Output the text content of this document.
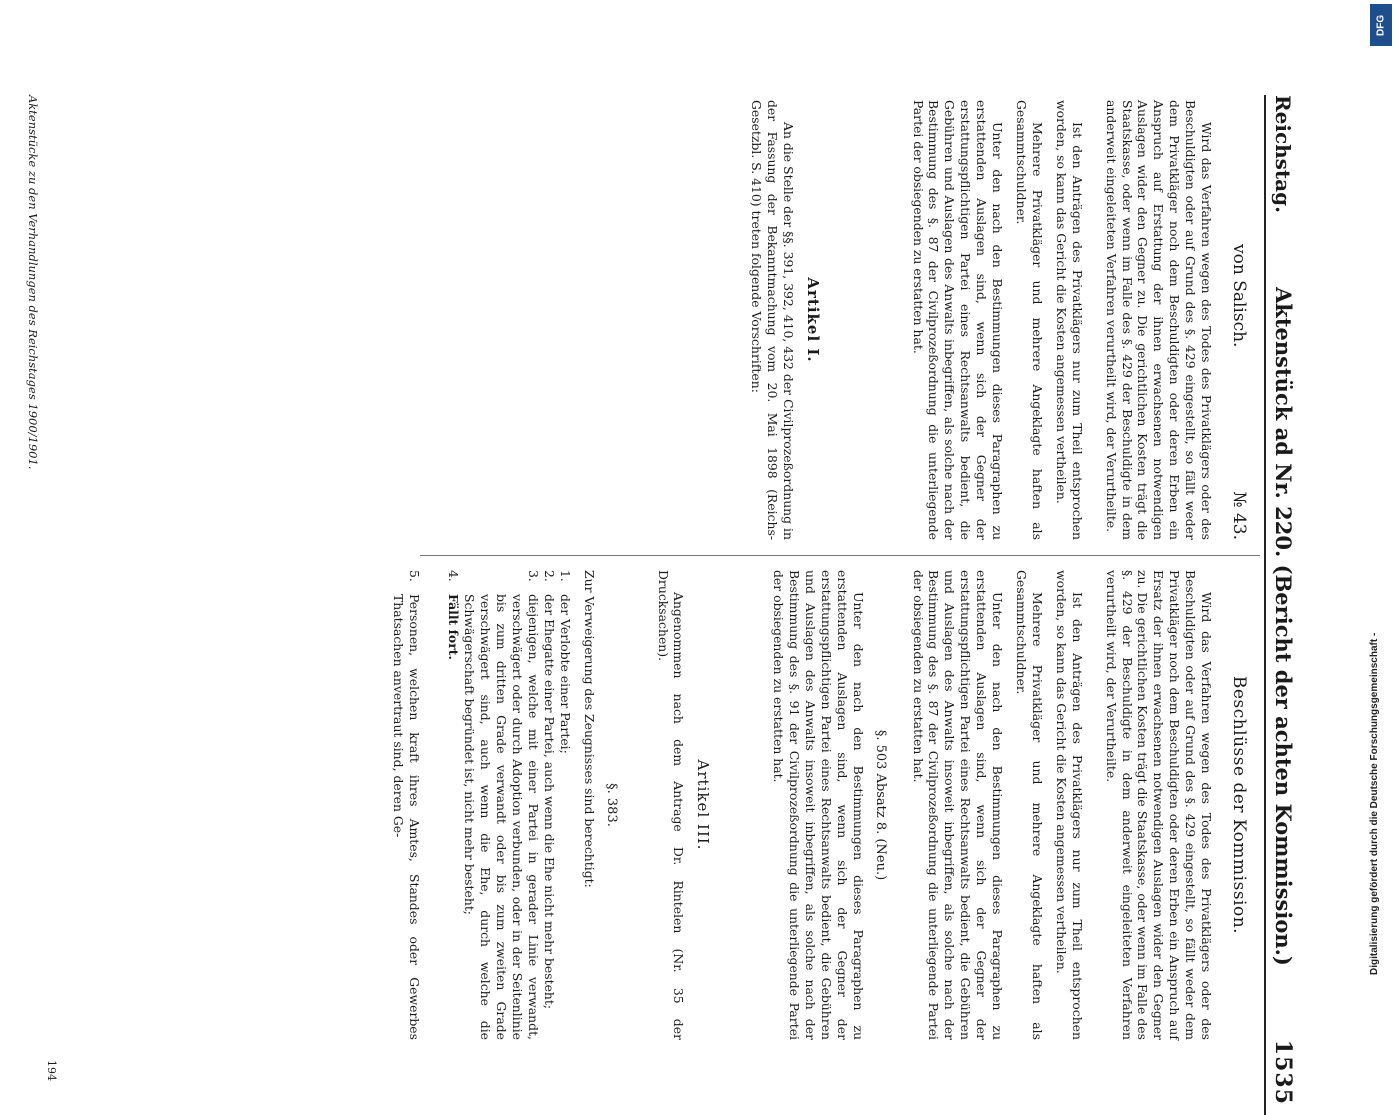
Reichstag.
Aktenstück ad Nr. 220. (Bericht der achten Kommission.)
1535
von Salisch.
№ 43.

Wird das Verfahren wegen des Todes des Privatklägers oder des Beschuldigten oder auf Grund des §. 429 eingestellt, so fällt weder dem Privatkläger noch dem Beschuldigten oder deren Erben ein Anspruch auf Erstattung der ihnen erwachsenen notwendigen Auslagen wider den Gegner zu. Die gerichtlichen Kosten trägt die Staatskasse, oder wenn im Falle des §. 429 der Beschuldigte in dem anderweit eingeleiteten Verfahren verurtheilt wird, der Verurtheilte.

Ist den Anträgen des Privatklägers nur zum Theil entsprochen worden, so kann das Gericht die Kosten angemessen vertheilen.

Mehrere Privatkläger und mehrere Angeklagte haften als Gesammtschuldner.

Unter den nach den Bestimmungen dieses Paragraphen zu erstattenden Auslagen sind, wenn sich der Gegner der erstattungspflichtigen Partei eines Rechtsanwalts bedient, die Gebühren und Auslagen des Anwalts inbegriffen, als solche nach der Bestimmung des §. 87 der Civilprozeßordnung die unterliegende Partei der obsiegenden zu erstatten hat.

Artikel I.

An die Stelle der §§. 391, 392, 410, 432 der Civilprozeßordnung in der Fassung der Bekanntmachung vom 20. Mai 1898 (Reichs-Gesetzbl. S. 410) treten folgende Vorschriften:

Beschlüsse der Kommission.

Wird das Verfahren wegen des Todes des Privatklägers oder des Beschuldigten oder auf Grund des §. 429 eingestellt, so fällt weder dem Privatkläger noch dem Beschuldigten oder deren Erben ein Anspruch auf Ersatz der ihnen erwachsenen notwendigen Auslagen wider den Gegner zu. Die gerichtlichen Kosten trägt die Staatskasse, oder wenn im Falle des §. 429 der Beschuldigte in dem anderweit eingeleiteten Verfahren verurtheilt wird, der Verurtheilte.

Ist den Anträgen des Privatklägers nur zum Theil entsprochen worden, so kann das Gericht die Kosten angemessen vertheilen.

Mehrere Privatkläger und mehrere Angeklagte haften als Gesammtschuldner.

Unter den nach den Bestimmungen dieses Paragraphen zu erstattenden Auslagen sind, wenn sich der Gegner der erstattungspflichtigen Partei eines Rechtsanwalts bedient, die Gebühren und Auslagen des Anwalts insoweit inbegriffen, als solche nach der Bestimmung des §. 87 der Civilprozeßordnung die unterliegende Partei der obsiegenden zu erstatten hat.

§. 503 Absatz 8. (Neu.)

Unter den nach den Bestimmungen dieses Paragraphen zu erstattenden Auslagen sind, wenn sich der Gegner der erstattungspflichtigen Partei eines Rechtsanwalts bedient, die Gebühren und Auslagen des Anwalts insoweit inbegriffen, als solche nach der Bestimmung des §. 91 der Civilprozeßordnung die unterliegende Partei der obsiegenden zu erstatten hat.

Artikel III.

Angenommen nach dem Antrage Dr. Rintelen (Nr. 35 der Drucksachen).

§. 383.

Zur Verweigerung des Zeugnisses sind berechtigt:

1.
der Verlobte einer Partei;
2.
der Ehegatte einer Partei, auch wenn die Ehe nicht mehr besteht;
3.
diejenigen, welche mit einer Partei in gerader Linie verwandt, verschwägert oder durch Adoption verbunden, oder in der Seitenlinie bis zum dritten Grade verwandt oder bis zum zweiten Grade verschwägert sind, auch wenn die Ehe, durch welche die Schwägerschaft begründet ist, nicht mehr besteht;
4.
Fällt fort.
5.
Personen, welchen kraft ihres Amtes, Standes oder Gewerbes Thatsachen anvertraut sind, deren Ge-
Aktenstücke zu den Verhandlungen des Reichstages 1900/1901.
194
Digitalisierung gefördert durch die Deutsche Forschungsgemeinschaft -
DFG
